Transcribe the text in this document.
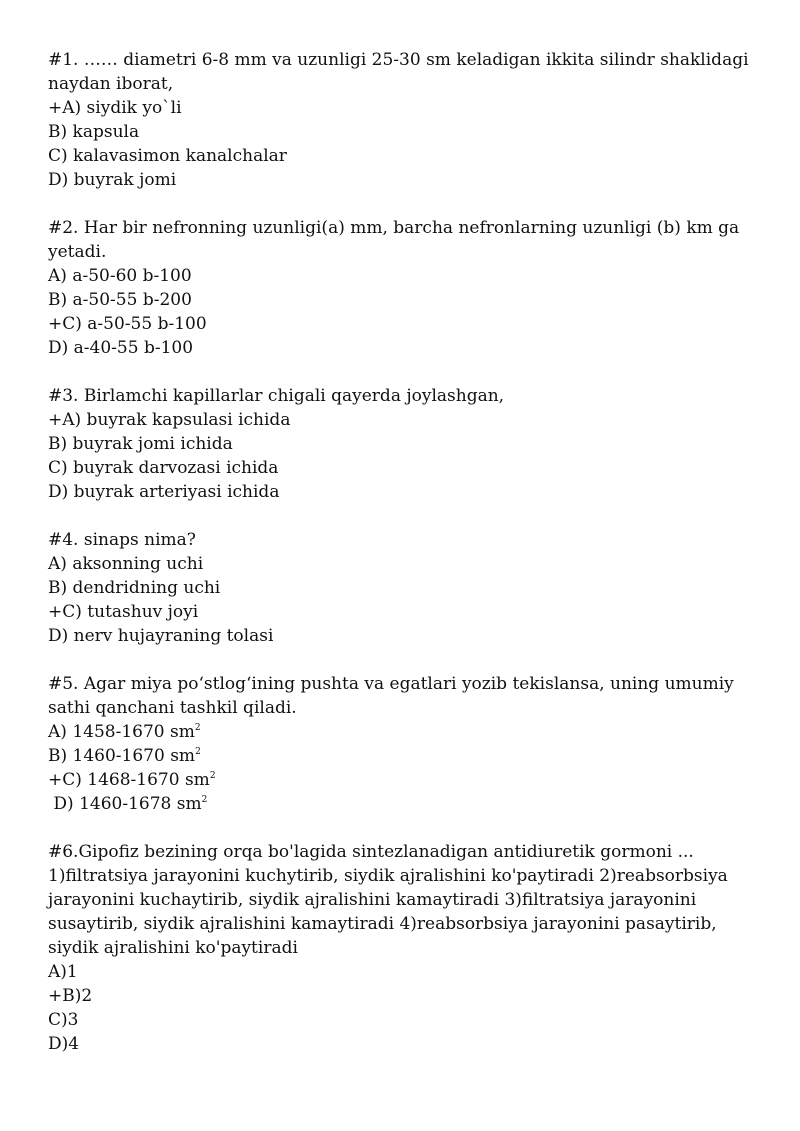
#1. …… diametri 6-8 mm va uzunligi 25-30 sm keladigan ikkita silindr shaklidagi naydan iborat,
+A) siydik yo`li
B) kapsula
C) kalavasimon kanalchalar
D) buyrak jomi
#2. Har bir nefronning uzunligi(a) mm, barcha nefronlarning uzunligi (b) km ga yetadi.
A) a-50-60 b-100
B) a-50-55 b-200
+C) a-50-55 b-100
D) a-40-55 b-100
#3. Birlamchi kapillarlar chigali qayerda joylashgan,
+A) buyrak kapsulasi ichida
B) buyrak jomi ichida
C) buyrak darvozasi ichida
D) buyrak arteriyasi ichida
#4. sinaps nima?
A) aksonning uchi
B) dendridning uchi
+C) tutashuv joyi
D) nerv hujayraning tolasi
#5. Agar miya po‘stlog‘ining pushta va egatlari yozib tekislansa, uning umumiy sathi qanchani tashkil qiladi.
A) 1458-1670 $sm^2$
B) 1460-1670 $sm^2$
+C) 1468-1670 $sm^2$
D) 1460-1678 $sm^2$
#6.Gipofiz bezining orqa bo'lagida sintezlanadigan antidiuretik gormoni ... 1)filtratsiya jarayonini kuchytirib, siydik ajralishini ko'paytiradi 2)reabsorbsiya jarayonini kuchaytirib, siydik ajralishini kamaytiradi 3)filtratsiya jarayonini susaytirib, siydik ajralishini kamaytiradi 4)reabsorbsiya jarayonini pasaytirib, siydik ajralishini ko'paytiradi
A)1
+B)2
C)3
D)4
